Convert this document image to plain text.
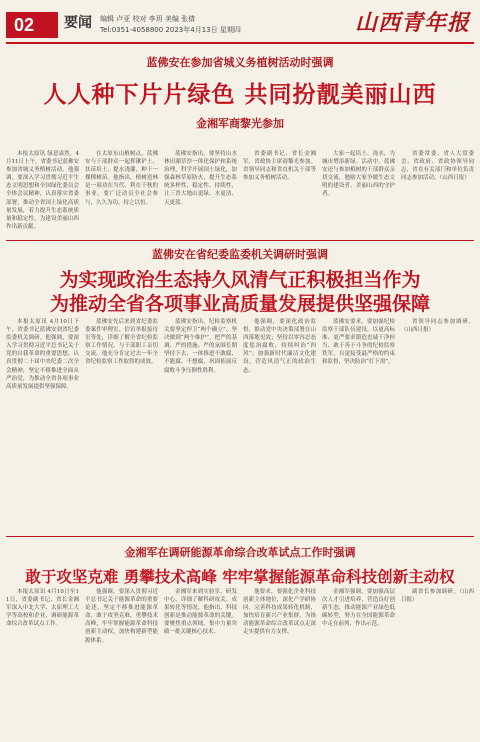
02	要闻 编辑 卢亚 校对 李玥 美编 张倩
Tel:0351-4058800 2023年4月13日 星期四	山西青年报
蓝佛安在参加省城义务植树活动时强调
人人种下片片绿色 共同扮靓美丽山西
金湘军商黎光参加

本报太原讯 绿意盎然，4月11日上午，省委书记蓝佛安参加省城义务植树活动。他强调，要深入学习贯彻习近平生态文明思想和全国绿化委员会全体会议精神，认真落实省委部署，推动全省国土绿化高质量发展，着力提升生态系统质量和稳定性，为建设美丽山西作出新贡献。

在太原东山植树点，蓝佛安与干部群众一起挥锹铲土、扶苗培土、提水浇灌，种下一棵棵树苗。他指出，植树造林是一项功在当代、利在千秋的事业，要广泛动员全社会参与，久久为功，持之以恒。

蓝佛安指出，要坚持山水林田湖草沙一体化保护和系统治理，科学开展国土绿化，加强森林草原防火，提升生态系统多样性、稳定性、持续性，让三晋大地山更绿、水更清、天更蓝。

省委副书记、省长金湘军，省政协主席商黎光参加。省领导同志和省直机关干部等参加义务植树活动。

大家一起培土、浇水，为城市增添新绿。活动中，蓝佛安还与参加植树的干部群众亲切交流，勉励大家争做生态文明的建设者、美丽山西的守护者。

省委常委、省人大常委会、省政府、省政协领导同志，省直有关部门和单位负责同志参加活动。（山西日报）

蓝佛安在省纪委监委机关调研时强调
为实现政治生态持久风清气正积极担当作为
为推动全省各项事业高质量发展提供坚强保障

本报太原讯 4月10日下午，省委书记蓝佛安到省纪委监委机关调研。他强调，要深入学习贯彻习近平总书记关于党的自我革命的重要思想，认真贯彻二十届中央纪委二次全会精神，坚定不移推进全面从严治党，为推动全省各项事业高质量发展提供坚强保障。

蓝佛安先后来到省纪委监委案件审理室、信访举报接待室等处，详细了解全省纪检监察工作情况，与干部职工亲切交流。他充分肯定过去一年全省纪检监察工作取得的成效。

蓝佛安指出，纪检监察机关要坚定捍卫“两个确立”、坚决做到“两个维护”，把严的基调、严的措施、严的氛围长期坚持下去，一体推进不敢腐、不能腐、不想腐，巩固拓展反腐败斗争压倒性胜利。

他强调，要深化政治监督，推动党中央决策部署在山西落地见效；坚持以零容忍态度惩治腐败，持续纠治“四风”；加强新时代廉洁文化建设，营造风清气正的政治生态。

蓝佛安要求，要加强纪检监察干部队伍建设，以更高标准、更严要求锻造忠诚干净担当、敢于善于斗争的纪检监察铁军，自觉接受最严格的约束和监督，坚决防治“灯下黑”。

省领导同志参加调研。（山西日报）

金湘军在调研能源革命综合改革试点工作时强调
敢于攻坚克难 勇攀技术高峰 牢牢掌握能源革命科技创新主动权

本报太原讯 4月10日至11日，省委副书记、省长金湘军深入中北大学、太原理工大学等高校和企业，调研能源革命综合改革试点工作。

他强调，要深入贯彻习近平总书记关于能源革命的重要论述，坚定不移推进能源革命，敢于攻坚克难，勇攀技术高峰，牢牢掌握能源革命科技创新主动权，加快构建新型能源体系。

金湘军来到实验室、研发中心，详细了解科研攻关、成果转化等情况。他指出，科技创新是推动能源革命的关键。要聚焦重点领域，集中力量突破一批关键核心技术。

他要求，要强化企业科技创新主体地位，深化产学研协同，完善科技成果转化机制，加快培育新兴产业集群，为推动能源革命综合改革试点走深走实提供有力支撑。

金湘军强调，要加强高层次人才引进培养，营造良好创新生态，推动能源产业绿色低碳转型，努力在全国能源革命中走在前列、作出示范。

副省长参加调研。（山西日报）
